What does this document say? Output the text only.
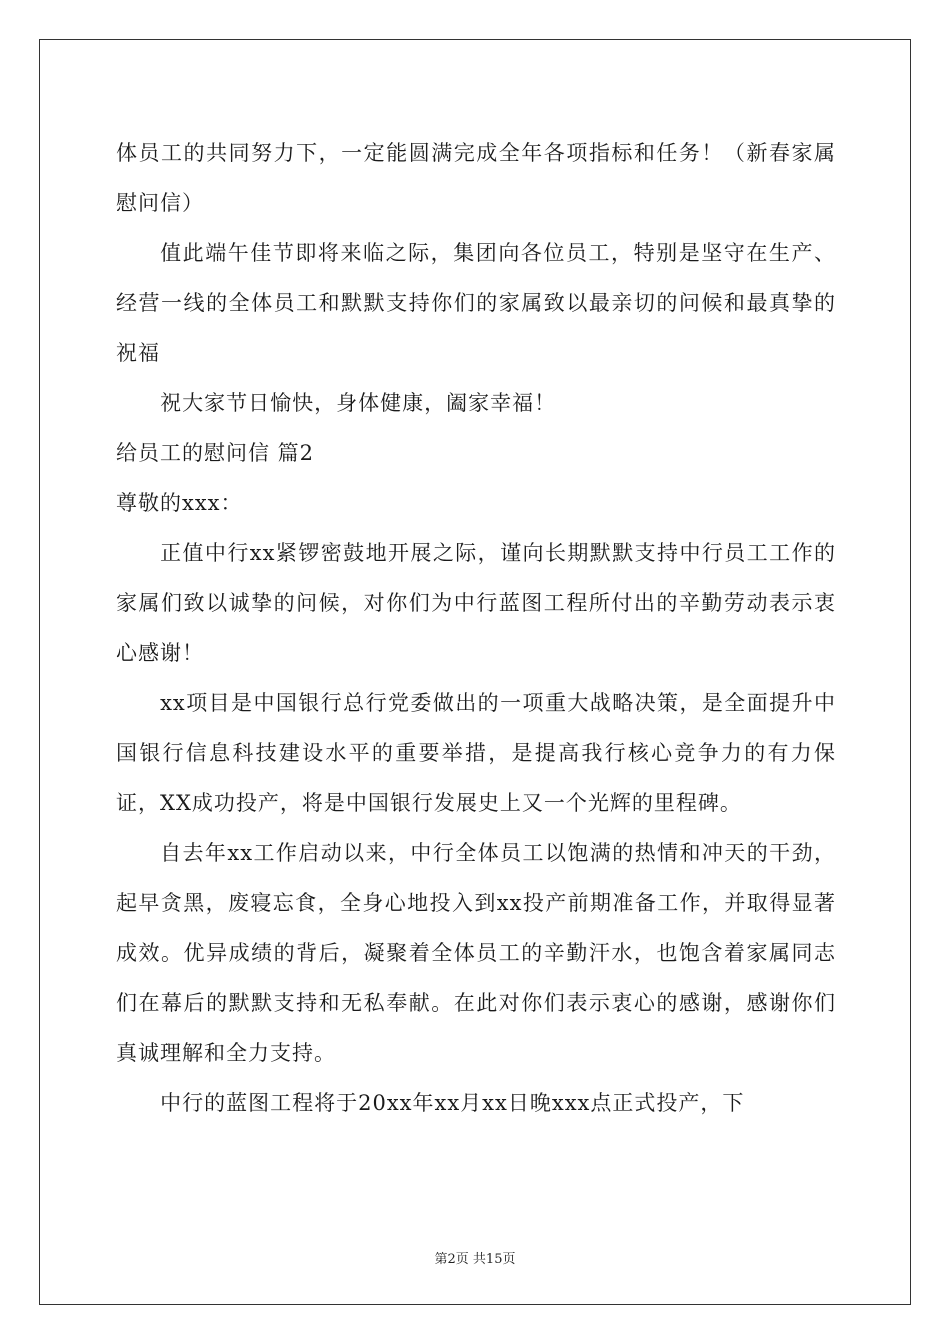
体员工的共同努力下，一定能圆满完成全年各项指标和任务！（新春家属慰问信）

值此端午佳节即将来临之际，集团向各位员工，特别是坚守在生产、经营一线的全体员工和默默支持你们的家属致以最亲切的问候和最真挚的祝福

祝大家节日愉快，身体健康，阖家幸福！

给员工的慰问信 篇2

尊敬的xxx：

正值中行xx紧锣密鼓地开展之际，谨向长期默默支持中行员工工作的家属们致以诚挚的问候，对你们为中行蓝图工程所付出的辛勤劳动表示衷心感谢！

xx项目是中国银行总行党委做出的一项重大战略决策，是全面提升中国银行信息科技建设水平的重要举措，是提高我行核心竞争力的有力保证，XX成功投产，将是中国银行发展史上又一个光辉的里程碑。

自去年xx工作启动以来，中行全体员工以饱满的热情和冲天的干劲，起早贪黑，废寝忘食，全身心地投入到xx投产前期准备工作，并取得显著成效。优异成绩的背后，凝聚着全体员工的辛勤汗水，也饱含着家属同志们在幕后的默默支持和无私奉献。在此对你们表示衷心的感谢，感谢你们真诚理解和全力支持。

中行的蓝图工程将于20xx年xx月xx日晚xxx点正式投产，下

第2页 共15页
